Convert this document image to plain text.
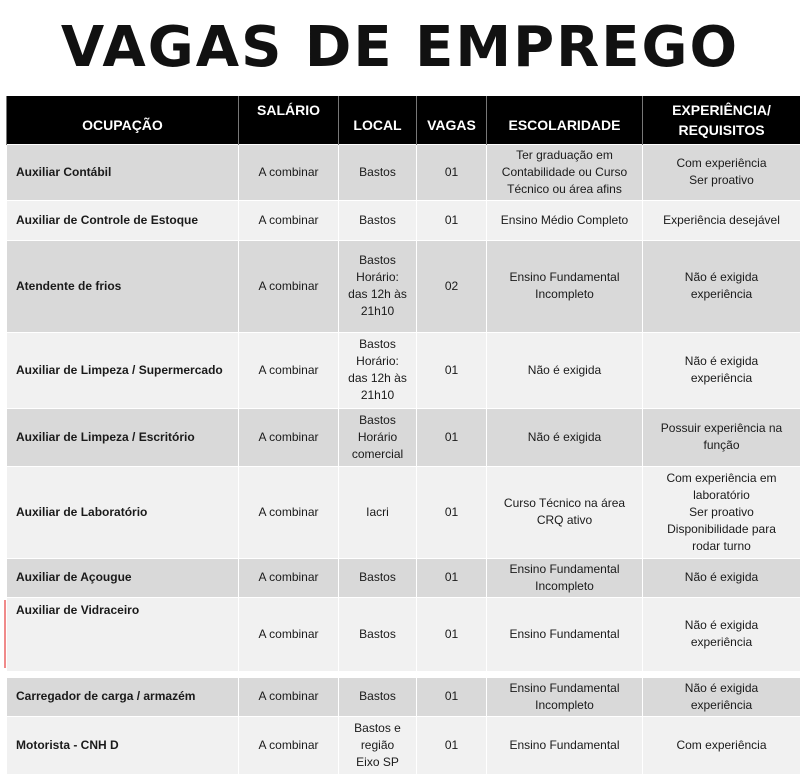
VAGAS DE EMPREGO
OCUPAÇÃO	SALÁRIO	LOCAL	VAGAS	ESCOLARIDADE	EXPERIÊNCIA/
REQUISITOS
Auxiliar Contábil	A combinar	Bastos	01	Ter graduação em
Contabilidade ou Curso
Técnico ou área afins	Com experiência
Ser proativo
Auxiliar de Controle de Estoque	A combinar	Bastos	01	Ensino Médio Completo	Experiência desejável
Atendente de frios	A combinar	Bastos
Horário:
das 12h às
21h10	02	Ensino Fundamental
Incompleto	Não é exigida
experiência
Auxiliar de Limpeza / Supermercado	A combinar	Bastos
Horário:
das 12h às
21h10	01	Não é exigida	Não é exigida
experiência
Auxiliar de Limpeza / Escritório	A combinar	Bastos
Horário
comercial	01	Não é exigida	Possuir experiência na
função
Auxiliar de Laboratório	A combinar	Iacri	01	Curso Técnico na área
CRQ ativo	Com experiência em
laboratório
Ser proativo
Disponibilidade para
rodar turno
Auxiliar de Açougue	A combinar	Bastos	01	Ensino Fundamental
Incompleto	Não é exigida
Auxiliar de Vidraceiro	A combinar	Bastos	01	Ensino Fundamental	Não é exigida
experiência

Carregador de carga / armazém	A combinar	Bastos	01	Ensino Fundamental
Incompleto	Não é exigida
experiência
Motorista - CNH D	A combinar	Bastos e
região
Eixo SP	01	Ensino Fundamental	Com experiência
